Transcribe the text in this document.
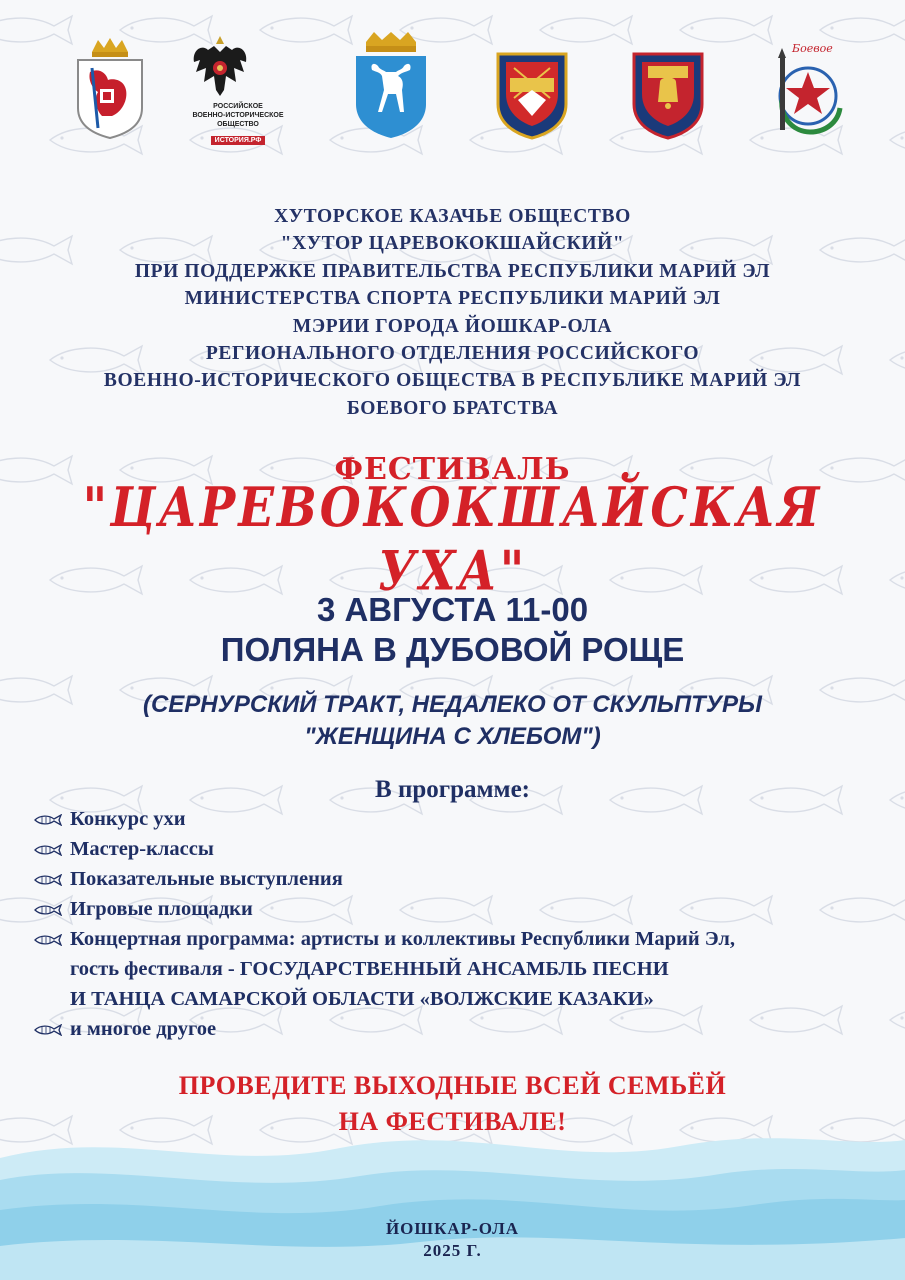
РОССИЙСКОЕ
ВОЕННО-ИСТОРИЧЕСКОЕ
ОБЩЕСТВО
ИСТОРИЯ.РФ
Боевое
ХУТОРСКОЕ КАЗАЧЬЕ ОБЩЕСТВО
"ХУТОР ЦАРЕВОКОКШАЙСКИЙ"
ПРИ ПОДДЕРЖКЕ ПРАВИТЕЛЬСТВА РЕСПУБЛИКИ МАРИЙ ЭЛ
МИНИСТЕРСТВА СПОРТА РЕСПУБЛИКИ МАРИЙ ЭЛ
МЭРИИ ГОРОДА ЙОШКАР-ОЛА
РЕГИОНАЛЬНОГО ОТДЕЛЕНИЯ РОССИЙСКОГО
ВОЕННО-ИСТОРИЧЕСКОГО ОБЩЕСТВА В РЕСПУБЛИКЕ МАРИЙ ЭЛ
БОЕВОГО БРАТСТВА
ФЕСТИВАЛЬ
"ЦАРЕВОКОКШАЙСКАЯ УХА"
3 АВГУСТА 11-00
ПОЛЯНА В ДУБОВОЙ РОЩЕ
(СЕРНУРСКИЙ ТРАКТ, НЕДАЛЕКО ОТ СКУЛЬПТУРЫ
"ЖЕНЩИНА С ХЛЕБОМ")
В программе:
Конкурс ухи
Мастер-классы
Показательные выступления
Игровые площадки
Концертная программа: артисты и коллективы Республики Марий Эл,
гость фестиваля - ГОСУДАРСТВЕННЫЙ АНСАМБЛЬ ПЕСНИ
И ТАНЦА САМАРСКОЙ ОБЛАСТИ «ВОЛЖСКИЕ КАЗАКИ»
и многое другое
ПРОВЕДИТЕ ВЫХОДНЫЕ ВСЕЙ СЕМЬЁЙ
НА ФЕСТИВАЛЕ!
ЙОШКАР-ОЛА
2025 Г.
